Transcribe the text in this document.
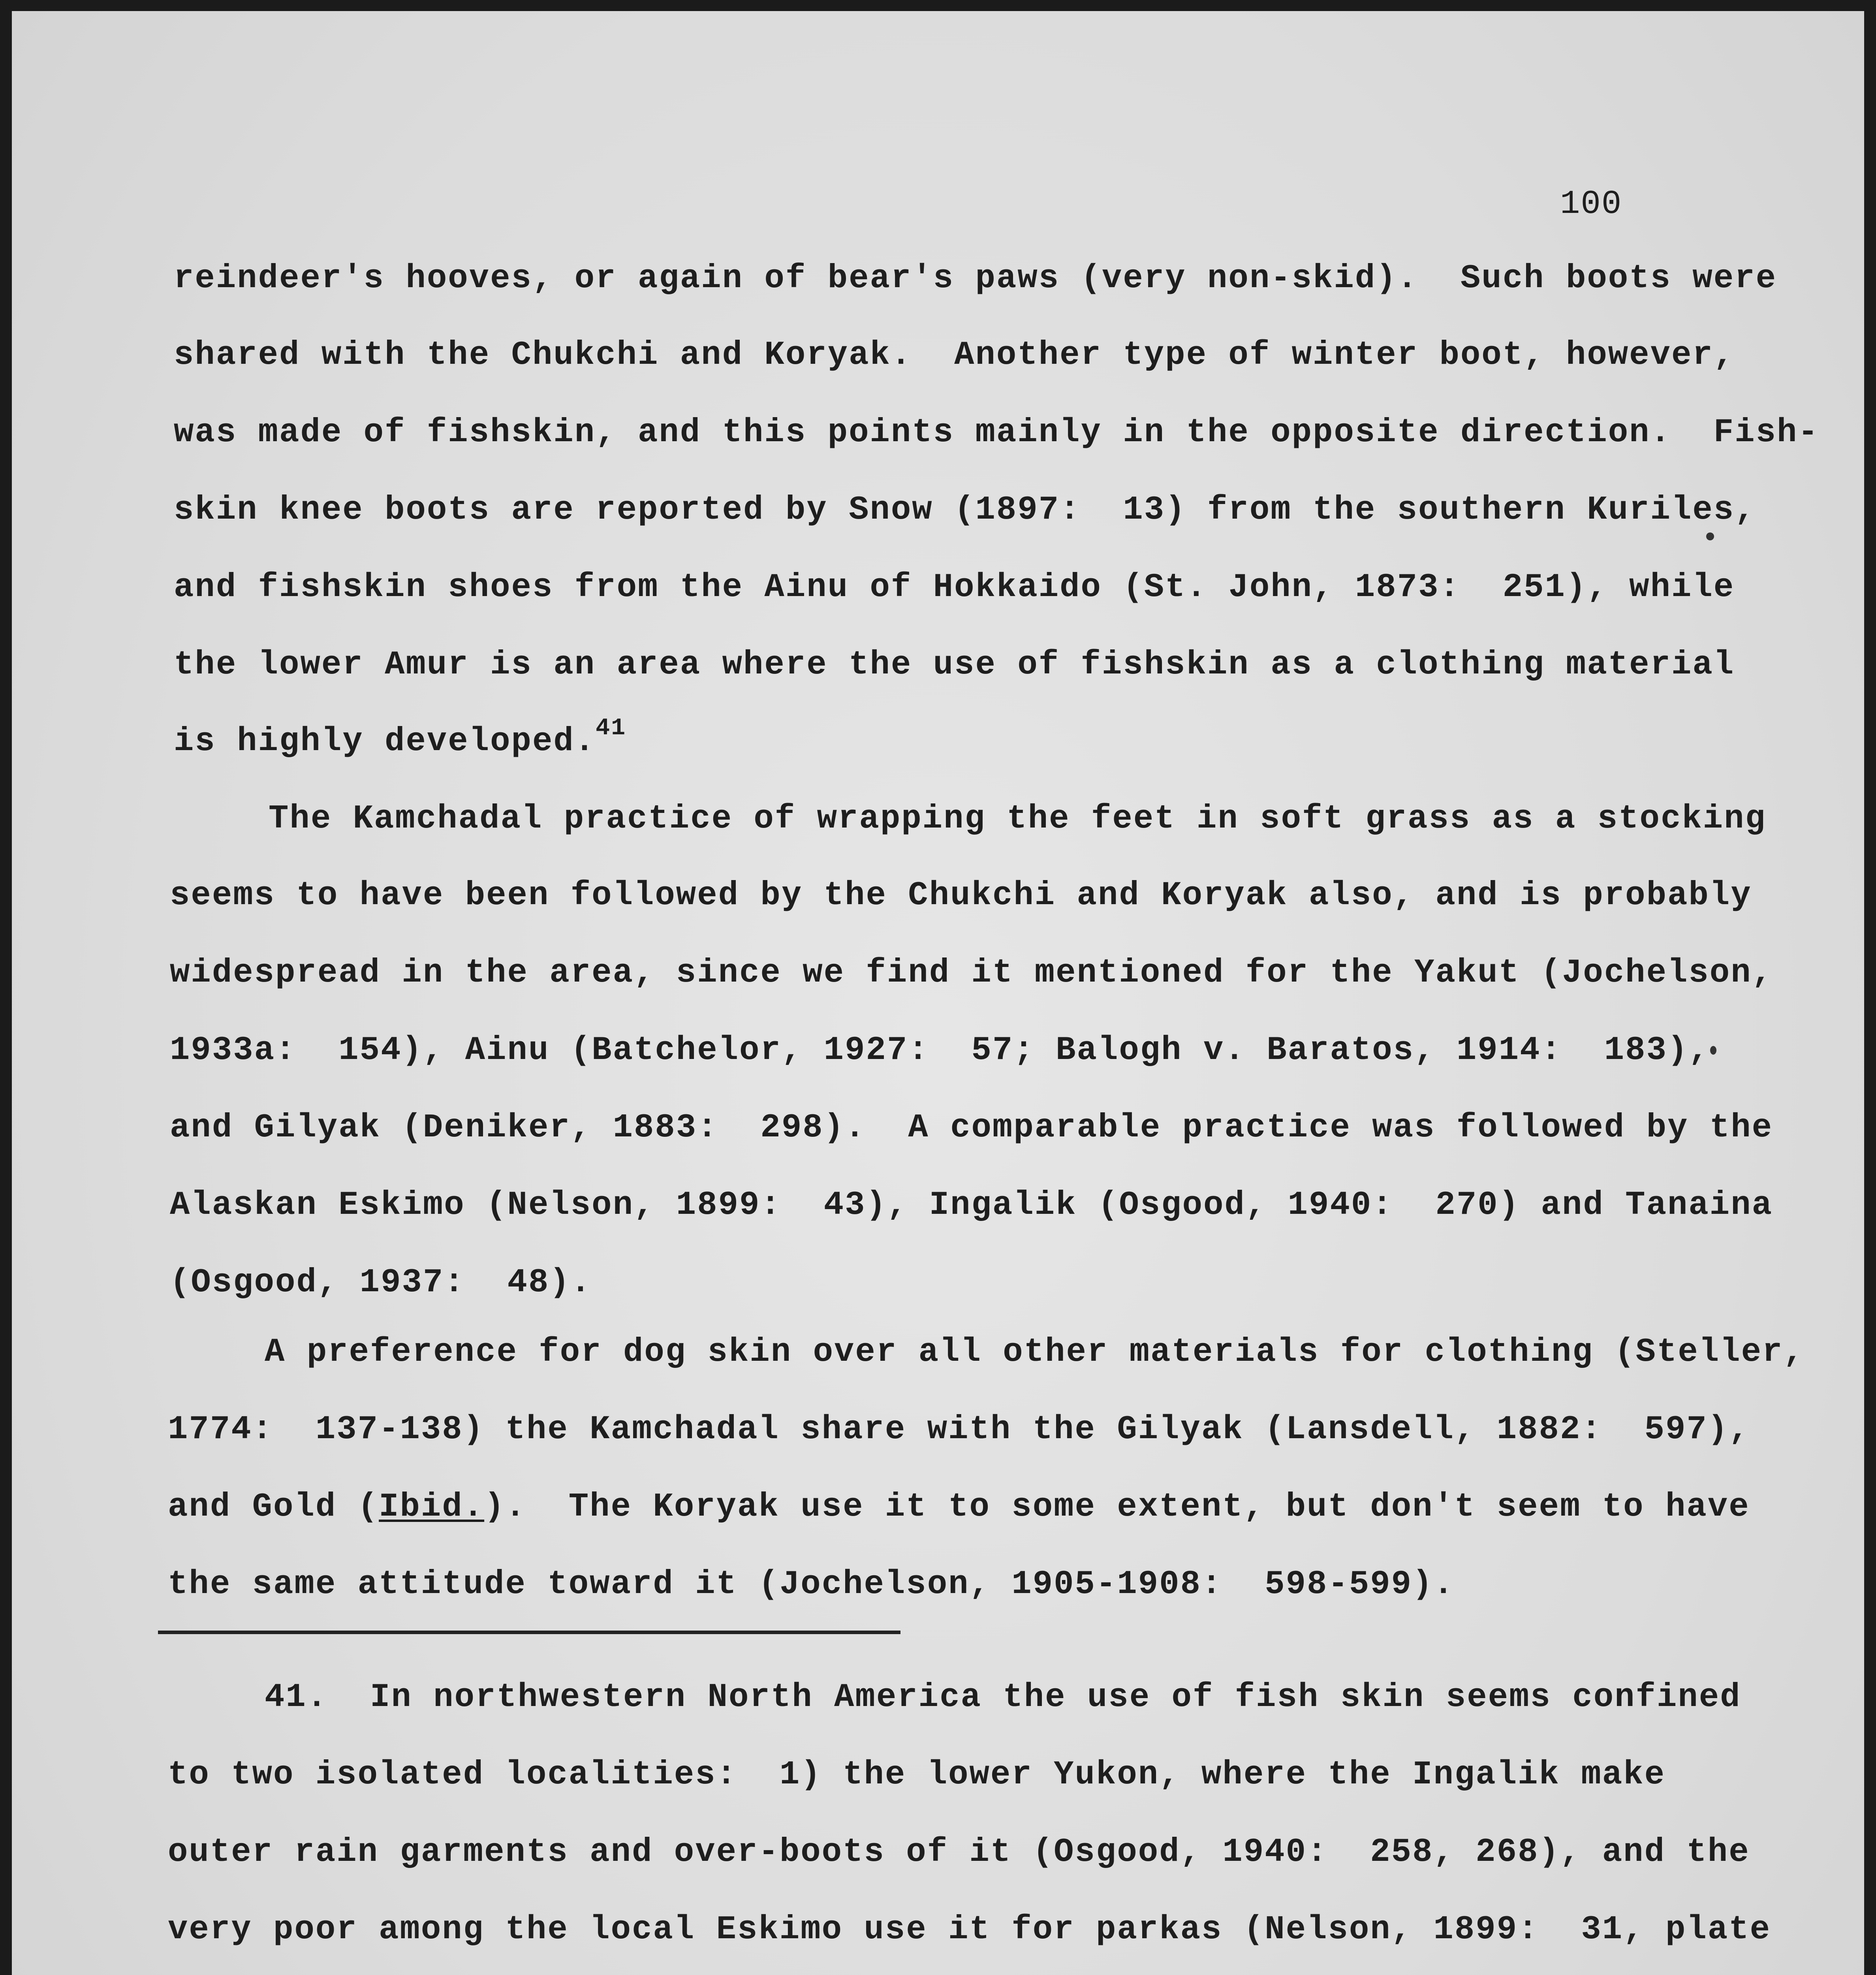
100
reindeer's hooves, or again of bear's paws (very non-skid).  Such boots were
shared with the Chukchi and Koryak.  Another type of winter boot, however,
was made of fishskin, and this points mainly in the opposite direction.  Fish-
skin knee boots are reported by Snow (1897:  13) from the southern Kuriles,
and fishskin shoes from the Ainu of Hokkaido (St. John, 1873:  251), while
the lower Amur is an area where the use of fishskin as a clothing material
is highly developed.$^{41}$
The Kamchadal practice of wrapping the feet in soft grass as a stocking
seems to have been followed by the Chukchi and Koryak also, and is probably
widespread in the area, since we find it mentioned for the Yakut (Jochelson,
1933a:  154), Ainu (Batchelor, 1927:  57; Balogh v. Baratos, 1914:  183),
and Gilyak (Deniker, 1883:  298).  A comparable practice was followed by the
Alaskan Eskimo (Nelson, 1899:  43), Ingalik (Osgood, 1940:  270) and Tanaina
(Osgood, 1937:  48).
A preference for dog skin over all other materials for clothing (Steller,
1774:  137-138) the Kamchadal share with the Gilyak (Lansdell, 1882:  597),
and Gold (Ibid.).  The Koryak use it to some extent, but don't seem to have
the same attitude toward it (Jochelson, 1905-1908:  598-599).
41.  In northwestern North America the use of fish skin seems confined
to two isolated localities:  1) the lower Yukon, where the Ingalik make
outer rain garments and over-boots of it (Osgood, 1940:  258, 268), and the
very poor among the local Eskimo use it for parkas (Nelson, 1899:  31, plate
